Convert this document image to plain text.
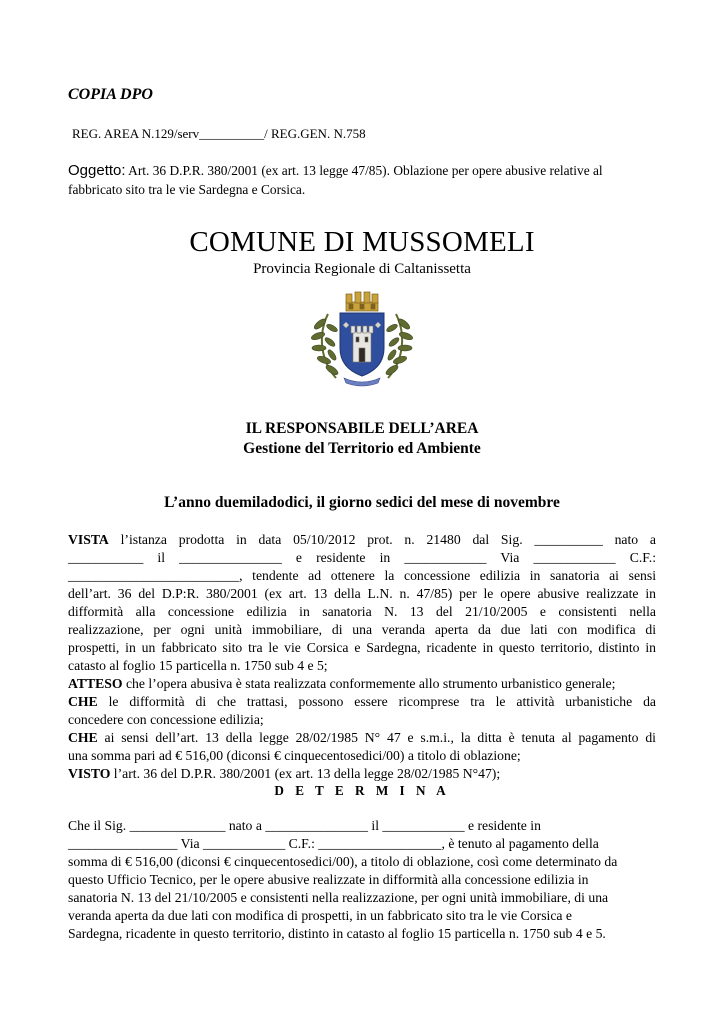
COPIA DPO
REG. AREA N.129/serv__________/ REG.GEN. N.758
Oggetto: Art. 36 D.P.R. 380/2001 (ex art. 13 legge 47/85). Oblazione per opere abusive relative al fabbricato sito tra le vie Sardegna e Corsica.
COMUNE DI MUSSOMELI
Provincia Regionale di Caltanissetta
IL RESPONSABILE DELL’AREA
Gestione del Territorio ed Ambiente
L’anno duemiladodici, il giorno sedici del mese di novembre

VISTA l’istanza prodotta in data 05/10/2012 prot. n. 21480 dal Sig. __________ nato a

___________ il _______________ e residente in ____________ Via ____________ C.F.:

_________________________, tendente ad ottenere la concessione edilizia in sanatoria ai sensi

dell’art. 36 del D.P:R. 380/2001 (ex art. 13 della L.N. n. 47/85) per le opere abusive realizzate in

difformità alla concessione edilizia in sanatoria N. 13 del 21/10/2005 e consistenti nella

realizzazione, per ogni unità immobiliare, di una veranda aperta da due lati con modifica di

prospetti, in un fabbricato sito tra le vie Corsica e Sardegna, ricadente in questo territorio, distinto in

catasto al foglio 15 particella n. 1750 sub 4 e 5;

ATTESO che l’opera abusiva è stata realizzata conformemente allo strumento urbanistico generale;

CHE le difformità di che trattasi, possono essere ricomprese tra le attività urbanistiche da

concedere con concessione edilizia;

CHE ai sensi dell’art. 13 della legge 28/02/1985 N° 47 e s.m.i., la ditta è tenuta al pagamento di

una somma pari ad € 516,00 (diconsi € cinquecentosedici/00) a titolo di oblazione;

VISTO l’art. 36 del D.P.R. 380/2001 (ex art. 13 della legge 28/02/1985 N°47);

D E T E R M I N A

Che il Sig. ______________ nato a _______________ il ____________ e residente in

________________ Via ____________ C.F.: __________________, è tenuto al pagamento della

somma di € 516,00 (diconsi € cinquecentosedici/00), a titolo di oblazione, così come determinato da

questo Ufficio Tecnico, per le opere abusive realizzate in difformità alla concessione edilizia in

sanatoria N. 13 del 21/10/2005 e consistenti nella realizzazione, per ogni unità immobiliare, di una

veranda aperta da due lati con modifica di prospetti, in un fabbricato sito tra le vie Corsica e

Sardegna, ricadente in questo territorio, distinto in catasto al foglio 15 particella n. 1750 sub 4 e 5.
